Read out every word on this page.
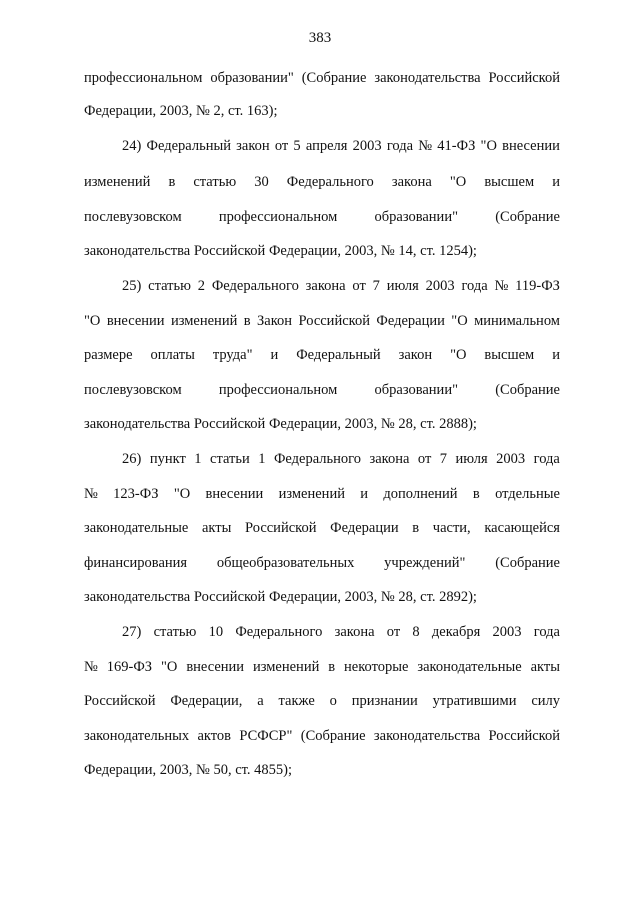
383
профессиональном образовании" (Собрание законодательства Российской
Федерации, 2003, № 2, ст. 163);
24) Федеральный закон от 5 апреля 2003 года № 41-ФЗ "О внесении
изменений в статью 30 Федерального закона "О высшем и
послевузовском	профессиональном	образовании"	(Собрание
законодательства Российской Федерации, 2003, № 14, ст. 1254);
25) статью 2 Федерального закона от 7 июля 2003 года № 119-ФЗ
"О внесении изменений в Закон Российской Федерации "О минимальном
размере оплаты труда" и Федеральный закон "О высшем и
послевузовском	профессиональном	образовании"	(Собрание
законодательства Российской Федерации, 2003, № 28, ст. 2888);
26) пункт 1 статьи 1 Федерального закона от 7 июля 2003 года
№ 123-ФЗ "О внесении изменений и дополнений в отдельные
законодательные акты Российской Федерации в части, касающейся
финансирования общеобразовательных учреждений" (Собрание
законодательства Российской Федерации, 2003, № 28, ст. 2892);
27) статью 10 Федерального закона от 8 декабря 2003 года
№ 169-ФЗ "О внесении изменений в некоторые законодательные акты
Российской Федерации, а также о признании утратившими силу
законодательных актов РСФСР" (Собрание законодательства Российской
Федерации, 2003, № 50, ст. 4855);
